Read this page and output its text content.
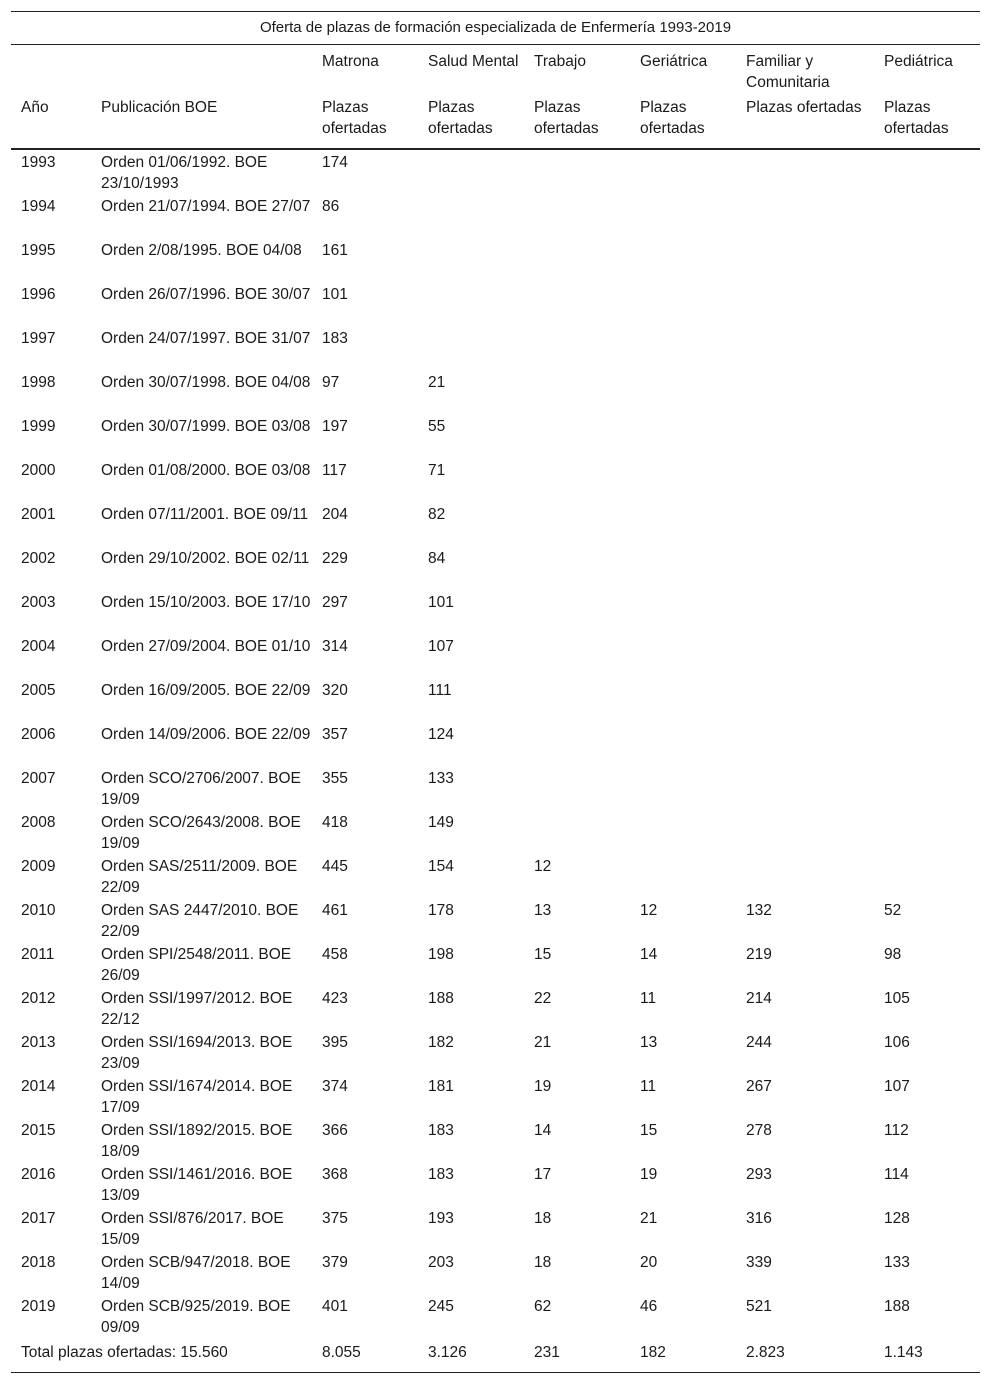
Oferta de plazas de formación especializada de Enfermería 1993-2019
		Matrona	Salud Mental	Trabajo	Geriátrica	Familiar y Comunitaria	Pediátrica
Año	Publicación BOE	Plazas ofertadas	Plazas ofertadas	Plazas ofertadas	Plazas ofertadas	Plazas ofertadas	Plazas ofertadas
1993	Orden 01/06/1992. BOE 23/10/1993	174					
1994	Orden 21/07/1994. BOE 27/07	86					
1995	Orden 2/08/1995. BOE 04/08	161					
1996	Orden 26/07/1996. BOE 30/07	101					
1997	Orden 24/07/1997. BOE 31/07	183					
1998	Orden 30/07/1998. BOE 04/08	97	21				
1999	Orden 30/07/1999. BOE 03/08	197	55				
2000	Orden 01/08/2000. BOE 03/08	117	71				
2001	Orden 07/11/2001. BOE 09/11	204	82				
2002	Orden 29/10/2002. BOE 02/11	229	84				
2003	Orden 15/10/2003. BOE 17/10	297	101				
2004	Orden 27/09/2004. BOE 01/10	314	107				
2005	Orden 16/09/2005. BOE 22/09	320	111				
2006	Orden 14/09/2006. BOE 22/09	357	124				
2007	Orden SCO/2706/2007. BOE 19/09	355	133				
2008	Orden SCO/2643/2008. BOE 19/09	418	149				
2009	Orden SAS/2511/2009. BOE 22/09	445	154	12			
2010	Orden SAS 2447/2010. BOE 22/09	461	178	13	12	132	52
2011	Orden SPI/2548/2011. BOE 26/09	458	198	15	14	219	98
2012	Orden SSI/1997/2012. BOE 22/12	423	188	22	11	214	105
2013	Orden SSI/1694/2013. BOE 23/09	395	182	21	13	244	106
2014	Orden SSI/1674/2014. BOE 17/09	374	181	19	11	267	107
2015	Orden SSI/1892/2015. BOE 18/09	366	183	14	15	278	112
2016	Orden SSI/1461/2016. BOE 13/09	368	183	17	19	293	114
2017	Orden SSI/876/2017. BOE 15/09	375	193	18	21	316	128
2018	Orden SCB/947/2018. BOE 14/09	379	203	18	20	339	133
2019	Orden SCB/925/2019. BOE 09/09	401	245	62	46	521	188
Total plazas ofertadas: 15.560		8.055	3.126	231	182	2.823	1.143
